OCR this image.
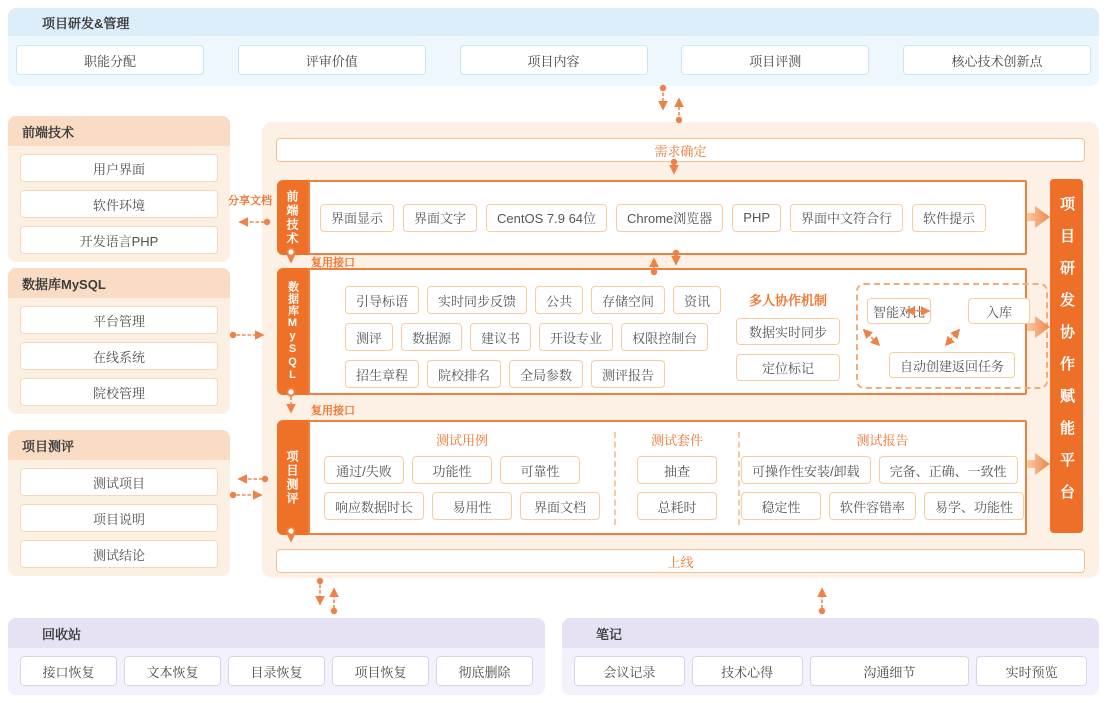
项目研发&管理
职能分配	评审价值	项目内容	项目评测	核心技术创新点
前端技术
用户界面
软件环境
开发语言PHP
数据库MySQL
平台管理
在线系统
院校管理
项目测评
测试项目
项目说明
测试结论
需求确定
前端技术	界面显示	界面文字	CentOS 7.9 64位	Chrome浏览器	PHP	界面中文符合行	软件提示
数据库MySQL	引导标语	实时同步反馈	公共	存储空间	资讯
测评	数据源	建议书	开设专业	权限控制台
招生章程	院校排名	全局参数	测评报告
多人协作机制
数据实时同步
定位标记
智能对比	入库
自动创建返回任务
项目测评
测试用例
通过/失败	功能性	可靠性
响应数据时长	易用性	界面文档
测试套件
抽查
总耗时
测试报告
可操作性安装/卸载	完备、正确、一致性
稳定性	软件容错率	易学、功能性
上线
项目研发协作赋能平台
分享文档
复用接口
复用接口
回收站
接口恢复	文本恢复	目录恢复	项目恢复	彻底删除
笔记
会议记录	技术心得	沟通细节	实时预览
